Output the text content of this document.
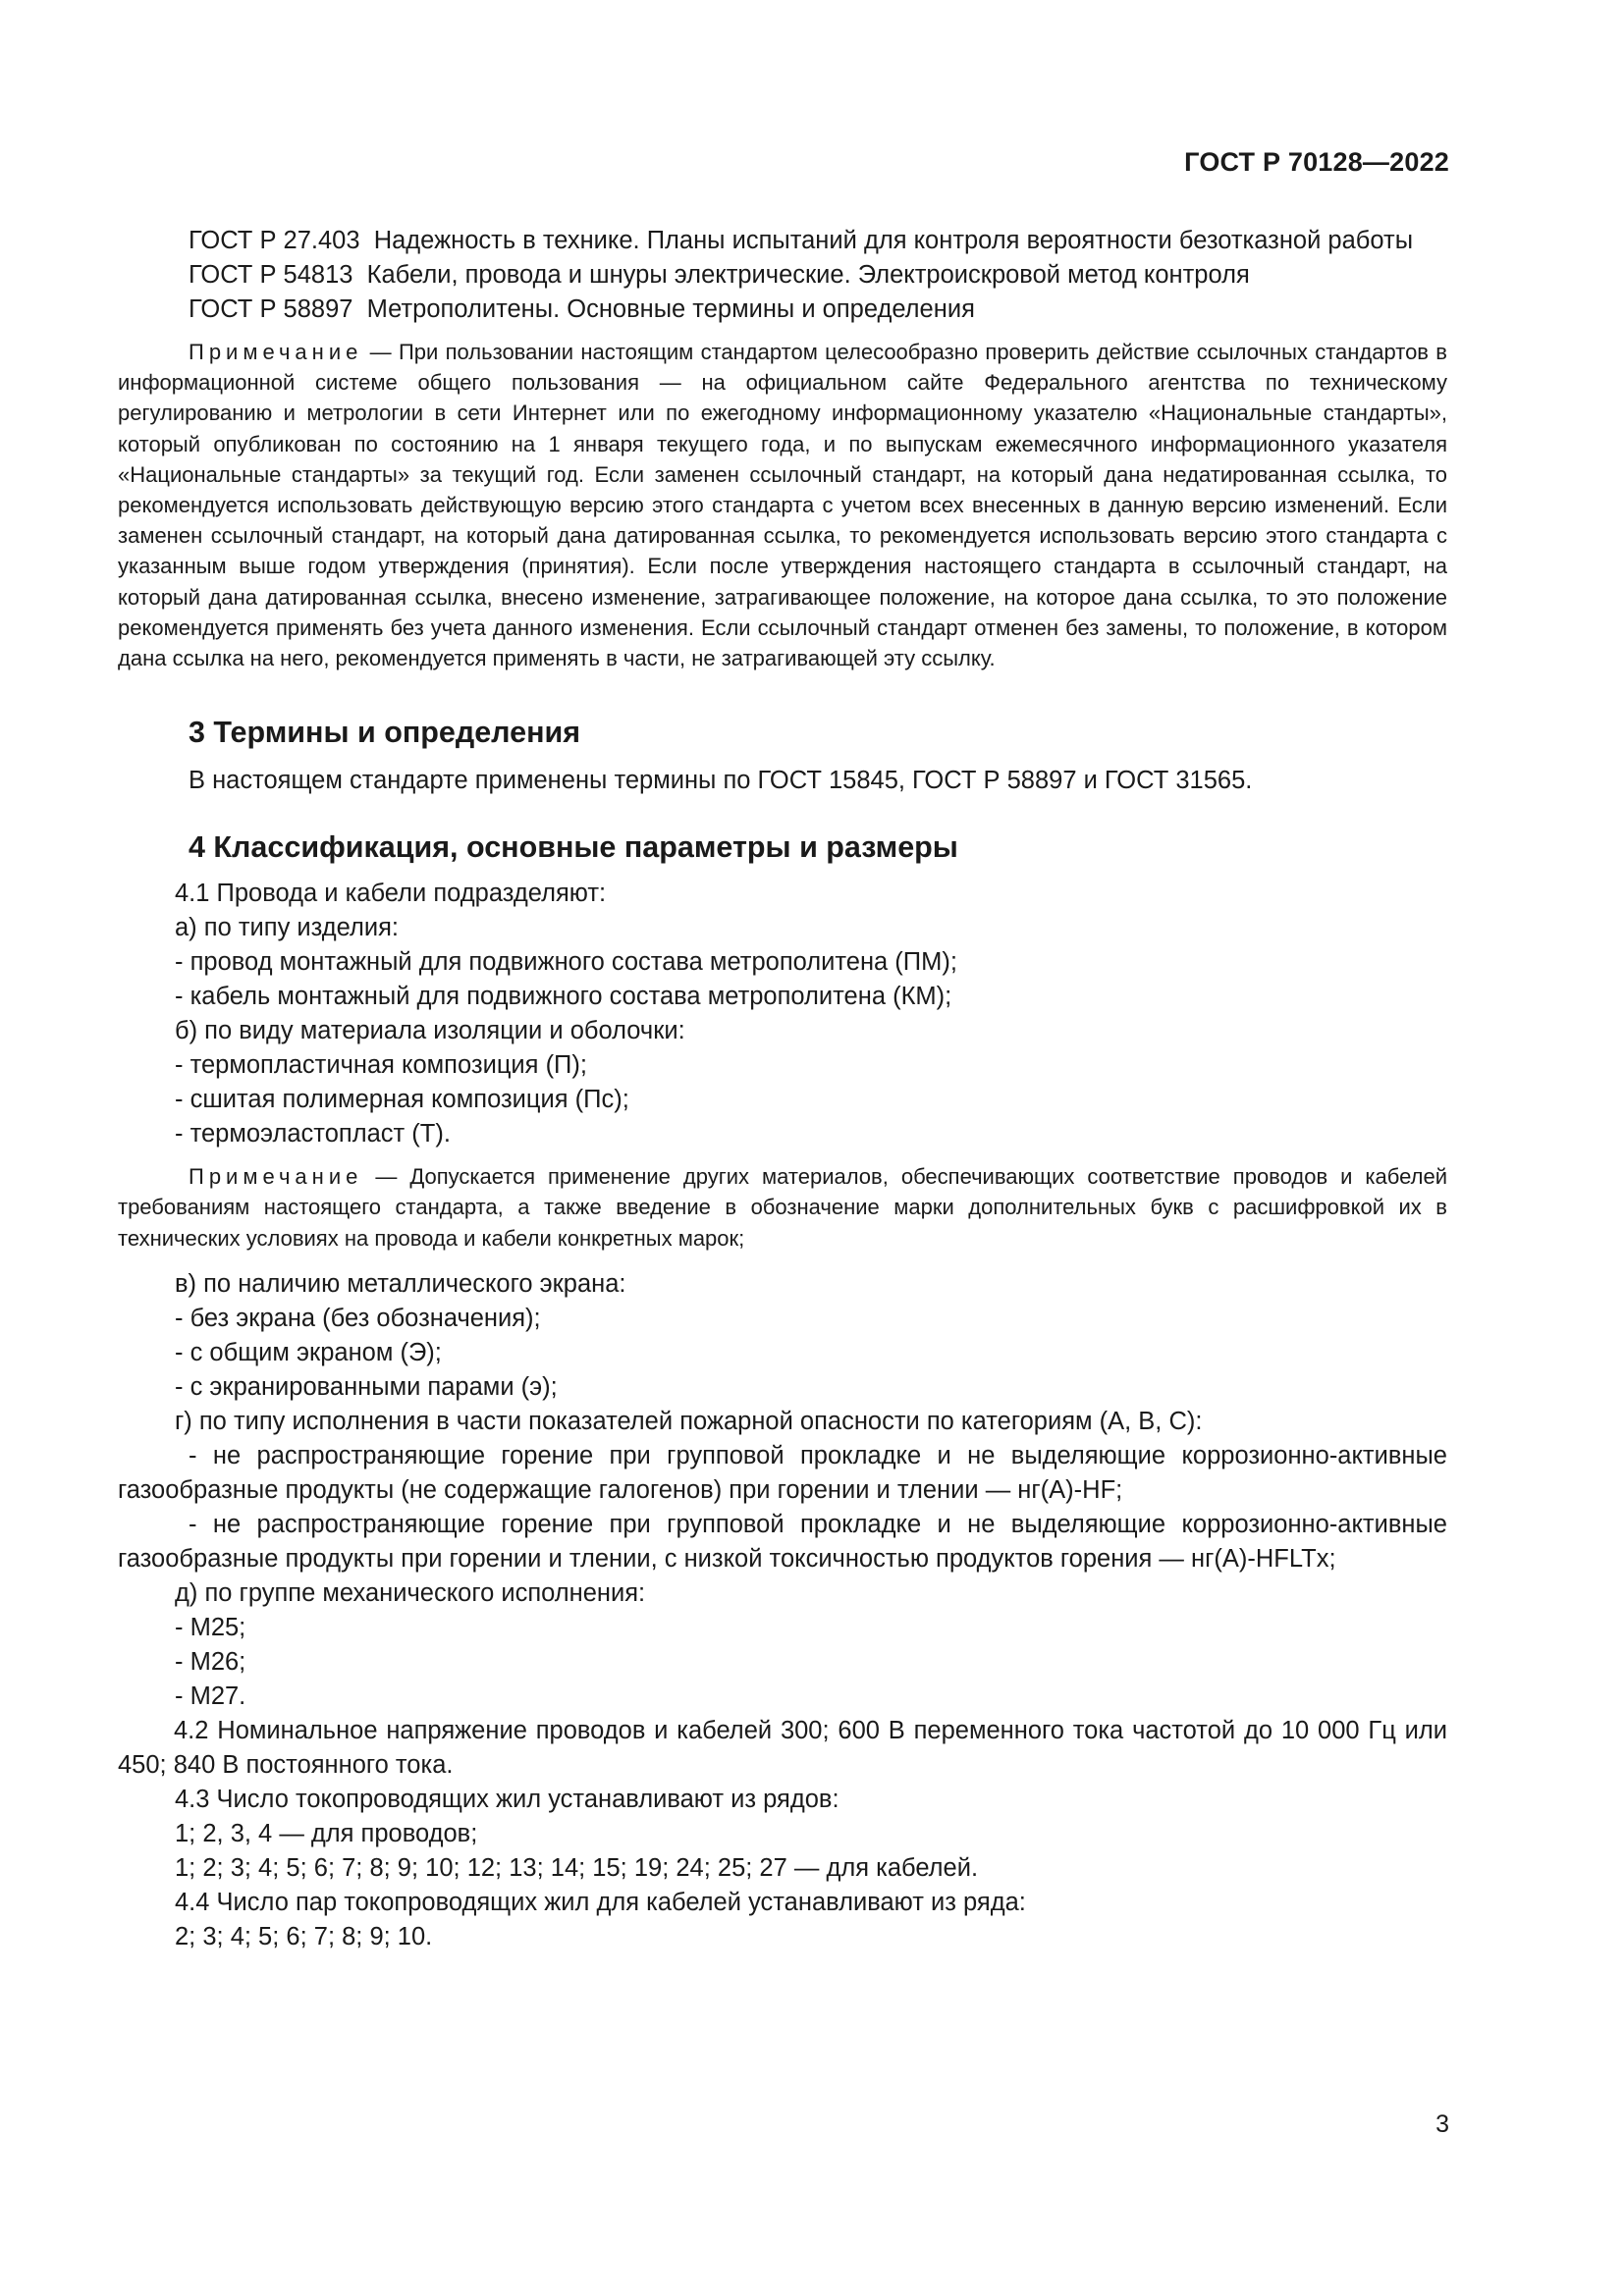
ГОСТ Р 70128—2022

ГОСТ Р 27.403 Надежность в технике. Планы испытаний для контроля вероятности безотказной работы

ГОСТ Р 54813 Кабели, провода и шнуры электрические. Электроискровой метод контроля

ГОСТ Р 58897 Метрополитены. Основные термины и определения

Примечание — При пользовании настоящим стандартом целесообразно проверить действие ссылочных стандартов в информационной системе общего пользования — на официальном сайте Федерального агентства по техническому регулированию и метрологии в сети Интернет или по ежегодному информационному указателю «Национальные стандарты», который опубликован по состоянию на 1 января текущего года, и по выпускам ежемесячного информационного указателя «Национальные стандарты» за текущий год. Если заменен ссылочный стандарт, на который дана недатированная ссылка, то рекомендуется использовать действующую версию этого стандарта с учетом всех внесенных в данную версию изменений. Если заменен ссылочный стандарт, на который дана датированная ссылка, то рекомендуется использовать версию этого стандарта с указанным выше годом утверждения (принятия). Если после утверждения настоящего стандарта в ссылочный стандарт, на который дана датированная ссылка, внесено изменение, затрагивающее положение, на которое дана ссылка, то это положение рекомендуется применять без учета данного изменения. Если ссылочный стандарт отменен без замены, то положение, в котором дана ссылка на него, рекомендуется применять в части, не затрагивающей эту ссылку.

3 Термины и определения

В настоящем стандарте применены термины по ГОСТ 15845, ГОСТ Р 58897 и ГОСТ 31565.

4 Классификация, основные параметры и размеры

4.1 Провода и кабели подразделяют:

а) по типу изделия:

- провод монтажный для подвижного состава метрополитена (ПМ);

- кабель монтажный для подвижного состава метрополитена (КМ);

б) по виду материала изоляции и оболочки:

- термопластичная композиция (П);

- сшитая полимерная композиция (Пс);

- термоэластопласт (Т).

Примечание — Допускается применение других материалов, обеспечивающих соответствие проводов и кабелей требованиям настоящего стандарта, а также введение в обозначение марки дополнительных букв с расшифровкой их в технических условиях на провода и кабели конкретных марок;

в) по наличию металлического экрана:

- без экрана (без обозначения);

- с общим экраном (Э);

- с экранированными парами (э);

г) по типу исполнения в части показателей пожарной опасности по категориям (А, В, С):

- не распространяющие горение при групповой прокладке и не выделяющие коррозионно-активные газообразные продукты (не содержащие галогенов) при горении и тлении — нг(А)-HF;

- не распространяющие горение при групповой прокладке и не выделяющие коррозионно-активные газообразные продукты при горении и тлении, с низкой токсичностью продуктов горения — нг(А)-HFLTx;

д) по группе механического исполнения:

- М25;

- М26;

- М27.

4.2 Номинальное напряжение проводов и кабелей 300; 600 В переменного тока частотой до 10 000 Гц или 450; 840 В постоянного тока.

4.3 Число токопроводящих жил устанавливают из рядов:

1; 2, 3, 4 — для проводов;

1; 2; 3; 4; 5; 6; 7; 8; 9; 10; 12; 13; 14; 15; 19; 24; 25; 27 — для кабелей.

4.4 Число пар токопроводящих жил для кабелей устанавливают из ряда:

2; 3; 4; 5; 6; 7; 8; 9; 10.

3
